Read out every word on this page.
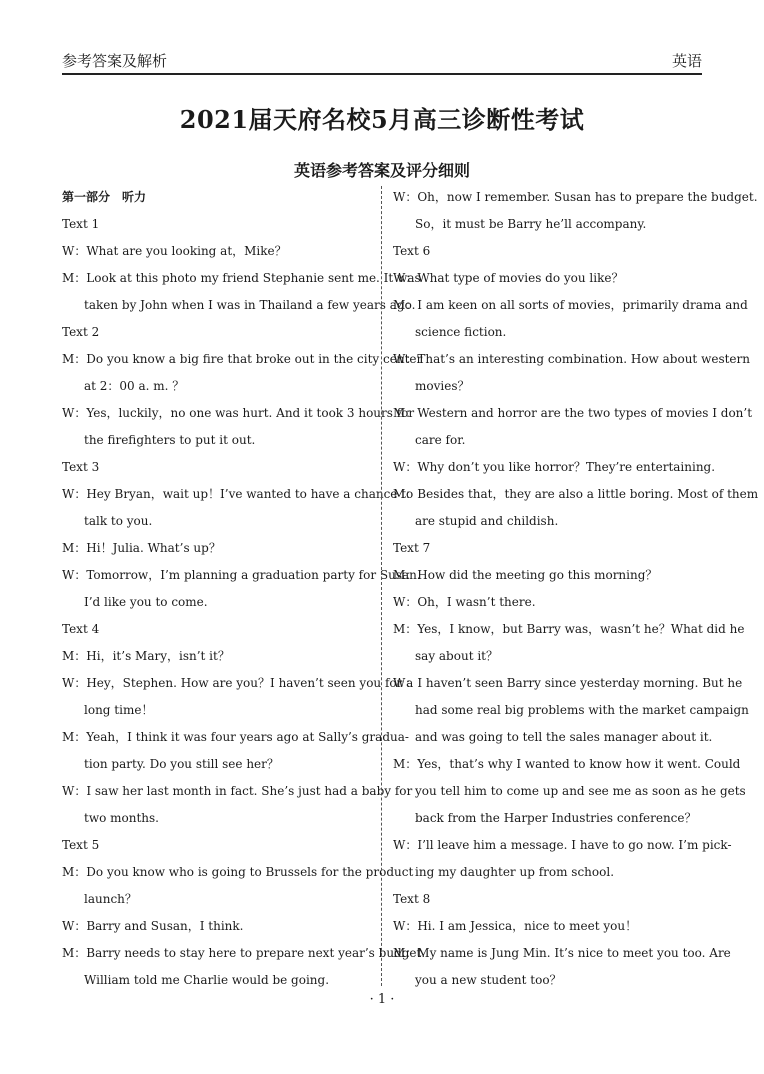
参考答案及解析	英语
2021届天府名校5月高三诊断性考试
英语参考答案及评分细则
第一部分　听力
Text 1
W：What are you looking at，Mike？
M：Look at this photo my friend Stephanie sent me. It was
taken by John when I was in Thailand a few years ago.
Text 2
M：Do you know a big fire that broke out in the city center
at 2：00 a. m. ？
W：Yes，luckily，no one was hurt. And it took 3 hours for
the firefighters to put it out.
Text 3
W：Hey Bryan，wait up！I’ve wanted to have a chance to
talk to you.
M：Hi！Julia. What’s up？
W：Tomorrow，I’m planning a graduation party for Susan.
I’d like you to come.
Text 4
M：Hi，it’s Mary，isn’t it？
W：Hey，Stephen. How are you？I haven’t seen you for a
long time！
M：Yeah，I think it was four years ago at Sally’s gradua-
tion party. Do you still see her？
W：I saw her last month in fact. She’s just had a baby for
two months.
Text 5
M：Do you know who is going to Brussels for the product
launch？
W：Barry and Susan，I think.
M：Barry needs to stay here to prepare next year’s budget.
William told me Charlie would be going.
W：Oh，now I remember. Susan has to prepare the budget.
So，it must be Barry he’ll accompany.
Text 6
W：What type of movies do you like？
M：I am keen on all sorts of movies，primarily drama and
science fiction.
W：That’s an interesting combination. How about western
movies？
M：Western and horror are the two types of movies I don’t
care for.
W：Why don’t you like horror？They’re entertaining.
M：Besides that，they are also a little boring. Most of them
are stupid and childish.
Text 7
M：How did the meeting go this morning？
W：Oh，I wasn’t there.
M：Yes，I know，but Barry was，wasn’t he？What did he
say about it？
W：I haven’t seen Barry since yesterday morning. But he
had some real big problems with the market campaign
and was going to tell the sales manager about it.
M：Yes，that’s why I wanted to know how it went. Could
you tell him to come up and see me as soon as he gets
back from the Harper Industries conference？
W：I’ll leave him a message. I have to go now. I’m pick-
ing my daughter up from school.
Text 8
W：Hi. I am Jessica，nice to meet you！
M：My name is Jung Min. It’s nice to meet you too. Are
you a new student too？
· 1 ·
